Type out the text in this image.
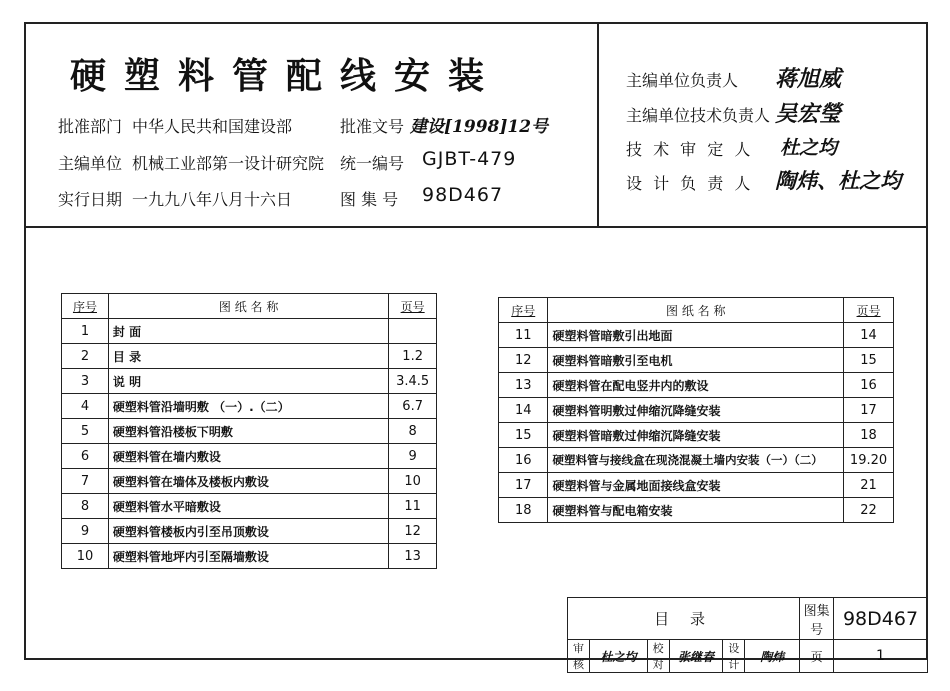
硬塑料管配线安装
批准部门 中华人民共和国建设部	批准文号 建设[1998]12号
主编单位 机械工业部第一设计研究院 统一编号 GJBT-479
实行日期 一九九八年八月十六日	图 集 号 98D467
主编单位负责人 蒋旭威
主编单位技术负责人 吴宏瑩
技 术 审 定 人 杜之均
设 计 负 责 人 陶炜、杜之均
序号	图 纸 名 称	页号
1	封 面	
2	目 录	1.2
3	说 明	3.4.5
4	硬塑料管沿墙明敷 （一）.（二）	6.7
5	硬塑料管沿楼板下明敷	8
6	硬塑料管在墙内敷设	9
7	硬塑料管在墙体及楼板内敷设	10
8	硬塑料管水平暗敷设	11
9	硬塑料管楼板内引至吊顶敷设	12
10	硬塑料管地坪内引至隔墙敷设	13
序号	图 纸 名 称	页号
11	硬塑料管暗敷引出地面	14
12	硬塑料管暗敷引至电机	15
13	硬塑料管在配电竖井内的敷设	16
14	硬塑料管明敷过伸缩沉降缝安装	17
15	硬塑料管暗敷过伸缩沉降缝安装	18
16	硬塑料管与接线盒在现浇混凝土墙内安装（一）（二）	19.20
17	硬塑料管与金属地面接线盒安装	21
18	硬塑料管与配电箱安装	22
目 录						图集号	98D467
审核	杜之均	校对	张继春	设计	陶炜	页	1
